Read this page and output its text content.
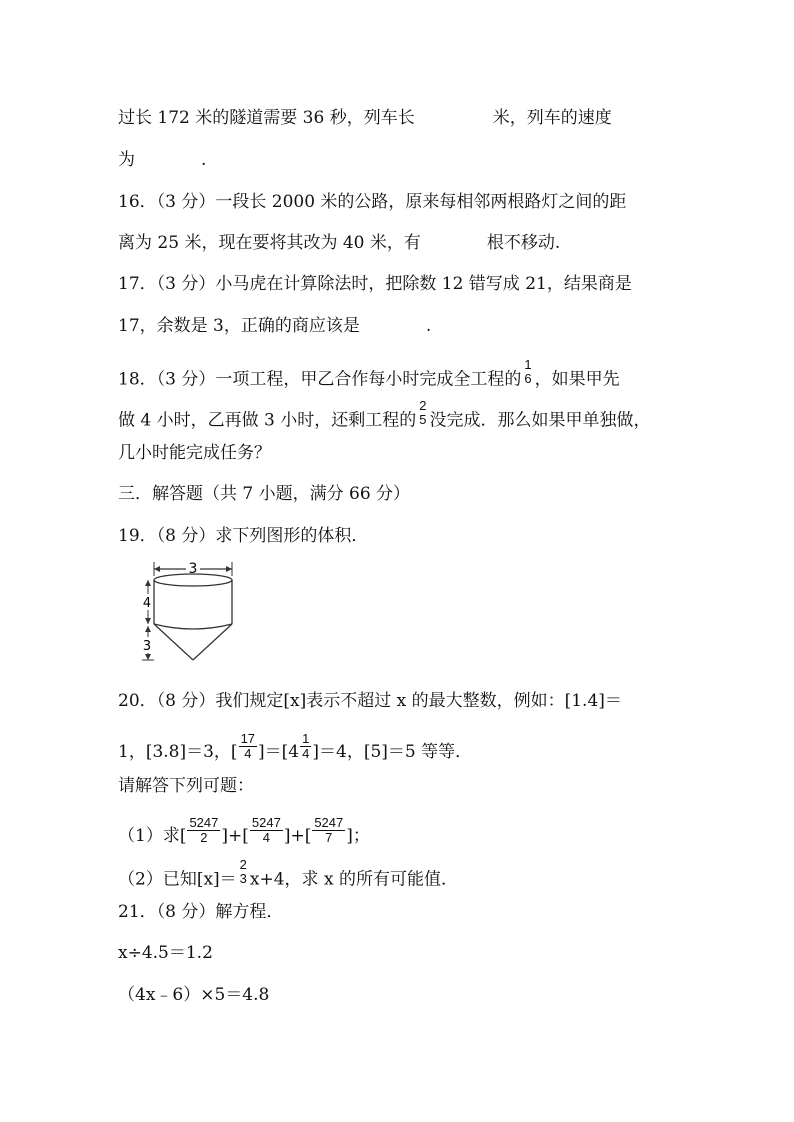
过长 172 米的隧道需要 36 秒，列车长	米，列车的速度
为	.
16．（3 分）一段长 2000 米的公路，原来每相邻两根路灯之间的距
离为 25 米，现在要将其改为 40 米，有	根不移动.
17．（3 分）小马虎在计算除法时，把除数 12 错写成 21，结果商是
17，余数是 3，正确的商应该是	.
18．（3 分）一项工程，甲乙合作每小时完成全工程的
1
6 ，如果甲先
做 4 小时，乙再做 3 小时，还剩工程的
2
5 没完成．那么如果甲单独做，
几小时能完成任务？
三．解答题（共 7 小题，满分 66 分）
19．（8 分）求下列图形的体积．
3
4
3
20．（8 分）我们规定[x]表示不超过 x 的最大整数，例如：[1.4]＝
1，[3.8]＝3，[ $\frac{17}{4} ]=[4 \frac{1}{4} ]=4$，[5]＝5 等等．
请解答下列可题：
（1）求[ $\frac{5247}{2}$ ]+[ $\frac{5247}{4}$ ]+[ $\frac{5247}{7}$ ]；
（2）已知[x]＝
2
3 x+4，求 x 的所有可能值．
21．（8 分）解方程．
x÷4.5＝1.2
（4x﹣6）×5＝4.8
